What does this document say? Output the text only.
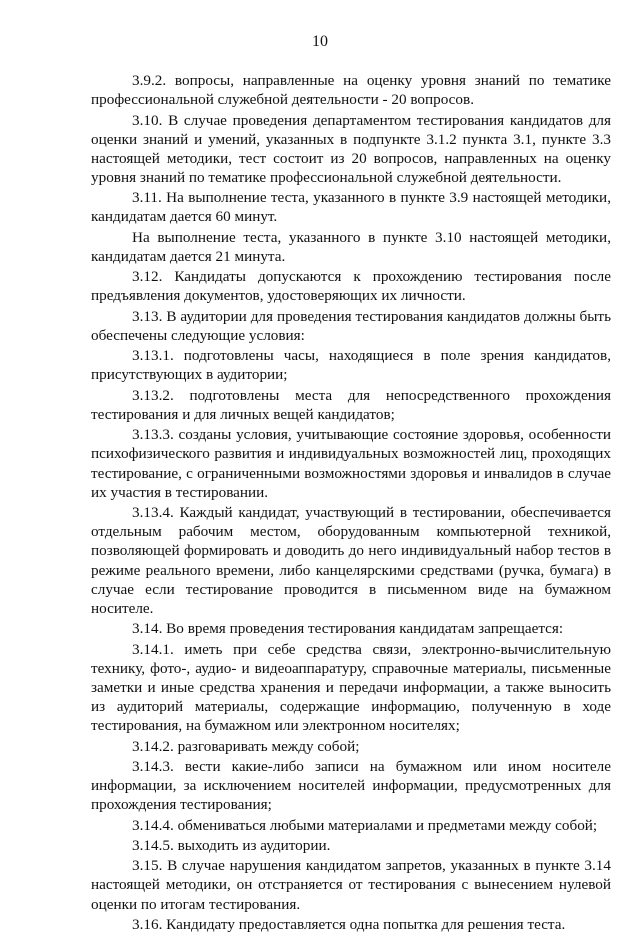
10

3.9.2. вопросы, направленные на оценку уровня знаний по тематике профессиональной служебной деятельности - 20 вопросов.

3.10. В случае проведения департаментом тестирования кандидатов для оценки знаний и умений, указанных в подпункте 3.1.2 пункта 3.1, пункте 3.3 настоящей методики, тест состоит из 20 вопросов, направленных на оценку уровня знаний по тематике профессиональной служебной деятельности.

3.11. На выполнение теста, указанного в пункте 3.9 настоящей методики, кандидатам дается 60 минут.

На выполнение теста, указанного в пункте 3.10 настоящей методики, кандидатам дается 21 минута.

3.12. Кандидаты допускаются к прохождению тестирования после предъявления документов, удостоверяющих их личности.

3.13. В аудитории для проведения тестирования кандидатов должны быть обеспечены следующие условия:

3.13.1. подготовлены часы, находящиеся в поле зрения кандидатов, присутствующих в аудитории;

3.13.2. подготовлены места для непосредственного прохождения тестирования и для личных вещей кандидатов;

3.13.3. созданы условия, учитывающие состояние здоровья, особенности психофизического развития и индивидуальных возможностей лиц, проходящих тестирование, с ограниченными возможностями здоровья и инвалидов в случае их участия в тестировании.

3.13.4. Каждый кандидат, участвующий в тестировании, обеспечивается отдельным рабочим местом, оборудованным компьютерной техникой, позволяющей формировать и доводить до него индивидуальный набор тестов в режиме реального времени, либо канцелярскими средствами (ручка, бумага) в случае если тестирование проводится в письменном виде на бумажном носителе.

3.14. Во время проведения тестирования кандидатам запрещается:

3.14.1. иметь при себе средства связи, электронно-вычислительную технику, фото-, аудио- и видеоаппаратуру, справочные материалы, письменные заметки и иные средства хранения и передачи информации, а также выносить из аудиторий материалы, содержащие информацию, полученную в ходе тестирования, на бумажном или электронном носителях;

3.14.2. разговаривать между собой;

3.14.3. вести какие-либо записи на бумажном или ином носителе информации, за исключением носителей информации, предусмотренных для прохождения тестирования;

3.14.4. обмениваться любыми материалами и предметами между собой;

3.14.5. выходить из аудитории.

3.15. В случае нарушения кандидатом запретов, указанных в пункте 3.14 настоящей методики, он отстраняется от тестирования с вынесением нулевой оценки по итогам тестирования.

3.16. Кандидату предоставляется одна попытка для решения теста.
